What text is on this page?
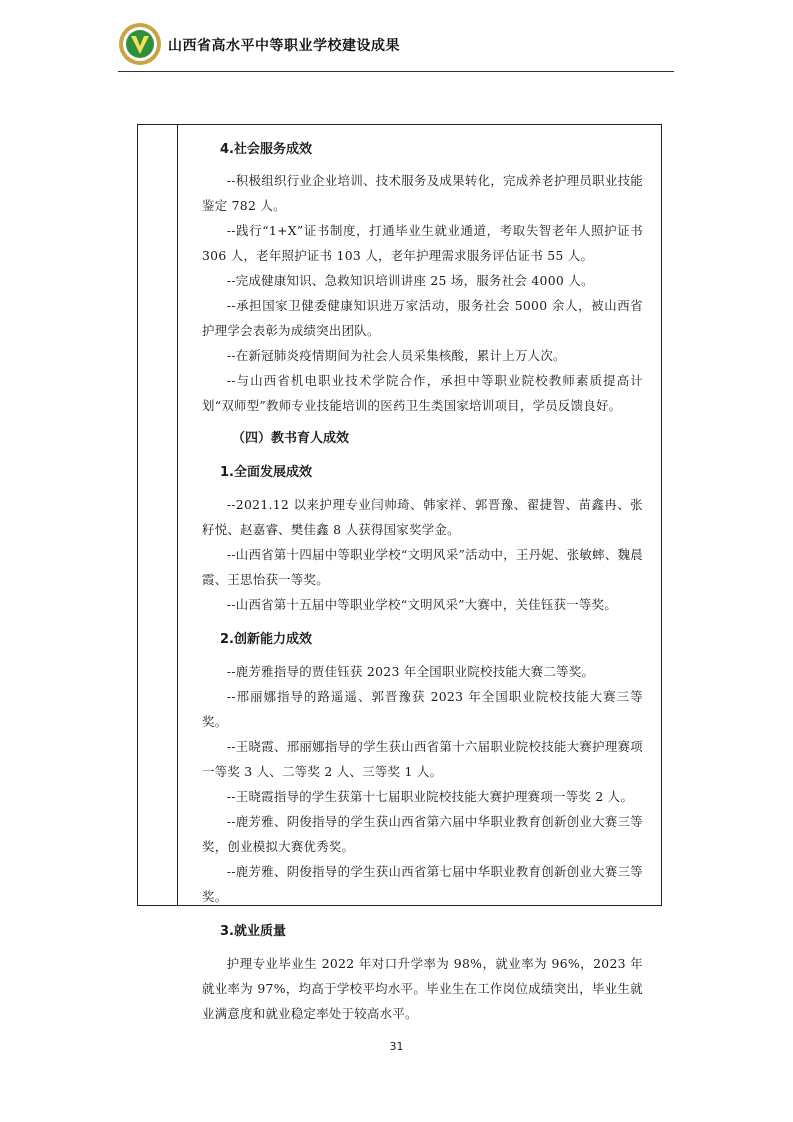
山西省高水平中等职业学校建设成果

4.社会服务成效

--积极组织行业企业培训、技术服务及成果转化，完成养老护理员职业技能鉴定 782 人。

--践行“1+X”证书制度，打通毕业生就业通道，考取失智老年人照护证书 306 人，老年照护证书 103 人，老年护理需求服务评估证书 55 人。

--完成健康知识、急救知识培训讲座 25 场，服务社会 4000 人。

--承担国家卫健委健康知识进万家活动，服务社会 5000 余人，被山西省护理学会表彰为成绩突出团队。

--在新冠肺炎疫情期间为社会人员采集核酸，累计上万人次。

--与山西省机电职业技术学院合作，承担中等职业院校教师素质提高计划“双师型”教师专业技能培训的医药卫生类国家培训项目，学员反馈良好。

（四）教书育人成效

1.全面发展成效

--2021.12 以来护理专业闫帅琦、韩家祥、郭晋豫、翟捷智、苗鑫冉、张籽悦、赵嘉睿、樊佳鑫 8 人获得国家奖学金。

--山西省第十四届中等职业学校“文明风采”活动中，王丹妮、张敏蟀、魏晨霞、王思怡获一等奖。

--山西省第十五届中等职业学校“文明风采”大赛中，关佳钰获一等奖。

2.创新能力成效

--鹿芳雅指导的贾佳钰获 2023 年全国职业院校技能大赛二等奖。

--邢丽娜指导的路遥遥、郭晋豫获 2023 年全国职业院校技能大赛三等奖。

--王晓霞、邢丽娜指导的学生获山西省第十六届职业院校技能大赛护理赛项一等奖 3 人、二等奖 2 人、三等奖 1 人。

--王晓霞指导的学生获第十七届职业院校技能大赛护理赛项一等奖 2 人。

--鹿芳雅、阴俊指导的学生获山西省第六届中华职业教育创新创业大赛三等奖，创业模拟大赛优秀奖。

--鹿芳雅、阴俊指导的学生获山西省第七届中华职业教育创新创业大赛三等奖。

3.就业质量

护理专业毕业生 2022 年对口升学率为 98%，就业率为 96%，2023 年就业率为 97%，均高于学校平均水平。毕业生在工作岗位成绩突出，毕业生就业满意度和就业稳定率处于较高水平。

31
